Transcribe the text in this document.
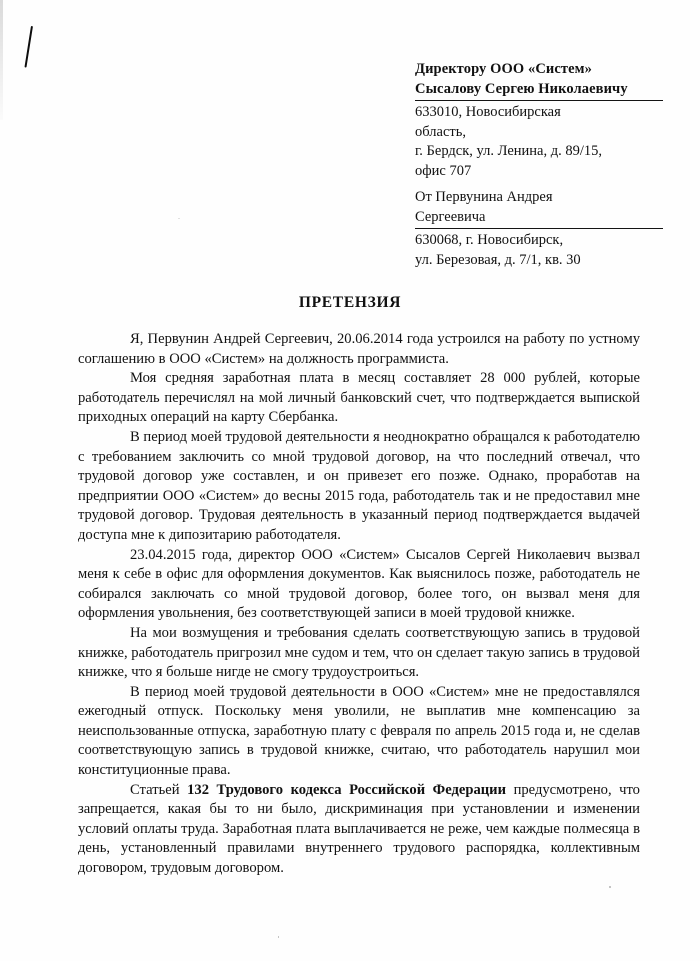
Директору ООО «Систем»
Сысалову Сергею Николаевичу
633010, Новосибирская
область,
г. Бердск, ул. Ленина, д. 89/15,
офис 707
От Первунина Андрея
Сергеевича
630068, г. Новосибирск,
ул. Березовая, д. 7/1, кв. 30
ПРЕТЕНЗИЯ

Я, Первунин Андрей Сергеевич, 20.06.2014 года устроился на работу по устному соглашению в ООО «Систем» на должность программиста.

Моя средняя заработная плата в месяц составляет 28 000 рублей, которые работодатель перечислял на мой личный банковский счет, что подтверждается выпиской приходных операций на карту Сбербанка.

В период моей трудовой деятельности я неоднократно обращался к работодателю с требованием заключить со мной трудовой договор, на что последний отвечал, что трудовой договор уже составлен, и он привезет его позже. Однако, проработав на предприятии ООО «Систем» до весны 2015 года, работодатель так и не предоставил мне трудовой договор. Трудовая деятельность в указанный период подтверждается выдачей доступа мне к дипозитарию работодателя.

23.04.2015 года, директор ООО «Систем» Сысалов Сергей Николаевич вызвал меня к себе в офис для оформления документов. Как выяснилось позже, работодатель не собирался заключать со мной трудовой договор, более того, он вызвал меня для оформления увольнения, без соответствующей записи в моей трудовой книжке.

На мои возмущения и требования сделать соответствующую запись в трудовой книжке, работодатель пригрозил мне судом и тем, что он сделает такую запись в трудовой книжке, что я больше нигде не смогу трудоустроиться.

В период моей трудовой деятельности в ООО «Систем» мне не предоставлялся ежегодный отпуск. Поскольку меня уволили, не выплатив мне компенсацию за неиспользованные отпуска, заработную плату с февраля по апрель 2015 года и, не сделав соответствующую запись в трудовой книжке, считаю, что работодатель нарушил мои конституционные права.

Статьей 132 Трудового кодекса Российской Федерации предусмотрено, что запрещается, какая бы то ни было, дискриминация при установлении и изменении условий оплаты труда. Заработная плата выплачивается не реже, чем каждые полмесяца в день, установленный правилами внутреннего трудового распорядка, коллективным договором, трудовым договором.
